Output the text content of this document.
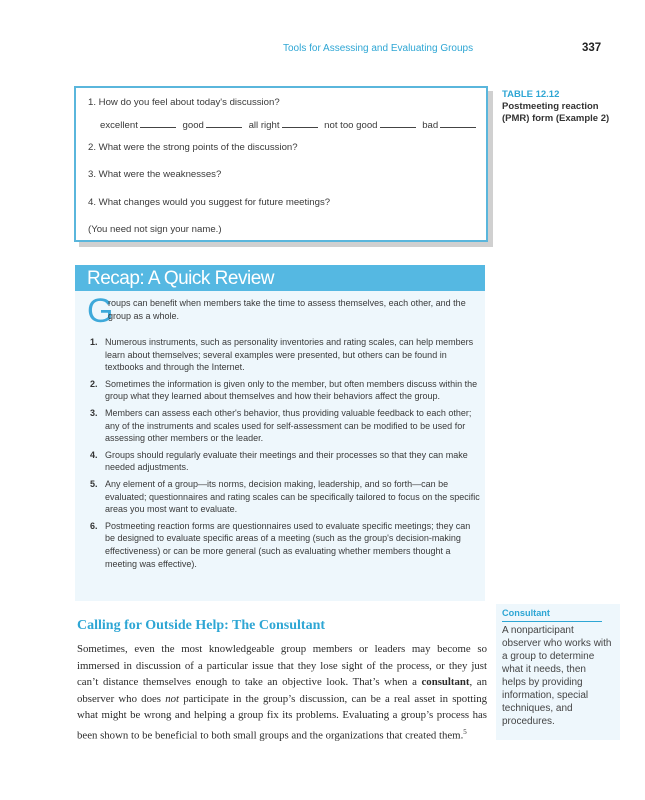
Tools for Assessing and Evaluating Groups	337
1. How do you feel about today's discussion?
excellent	good	all right	not too good	bad
2. What were the strong points of the discussion?
3. What were the weaknesses?
4. What changes would you suggest for future meetings?
(You need not sign your name.)
TABLE 12.12
Postmeeting reaction (PMR) form (Example 2)
Recap: A Quick Review
G
roups can benefit when members take the time to assess themselves, each other, and the group as a whole.
1. Numerous instruments, such as personality inventories and rating scales, can help members learn about themselves; several examples were presented, but others can be found in textbooks and through the Internet.
2. Sometimes the information is given only to the member, but often members discuss within the group what they learned about themselves and how their behaviors affect the group.
3. Members can assess each other's behavior, thus providing valuable feedback to each other; any of the instruments and scales used for self-assessment can be modified to be used for assessing other members or the leader.
4. Groups should regularly evaluate their meetings and their processes so that they can make needed adjustments.
5. Any element of a group—its norms, decision making, leadership, and so forth—can be evaluated; questionnaires and rating scales can be specifically tailored to focus on the specific areas you most want to evaluate.
6. Postmeeting reaction forms are questionnaires used to evaluate specific meetings; they can be designed to evaluate specific areas of a meeting (such as the group's decision-making effectiveness) or can be more general (such as evaluating whether members thought a meeting was effective).
Calling for Outside Help: The Consultant
Sometimes, even the most knowledgeable group members or leaders may become so immersed in discussion of a particular issue that they lose sight of the process, or they just can’t distance themselves enough to take an objective look. That’s when a consultant, an observer who does not participate in the group’s discussion, can be a real asset in spotting what might be wrong and helping a group fix its problems. Evaluating a group’s process has been shown to be beneficial to both small groups and the organizations that created them.$^5$
Consultant
A nonparticipant observer who works with a group to determine what it needs, then helps by providing information, special techniques, and procedures.
